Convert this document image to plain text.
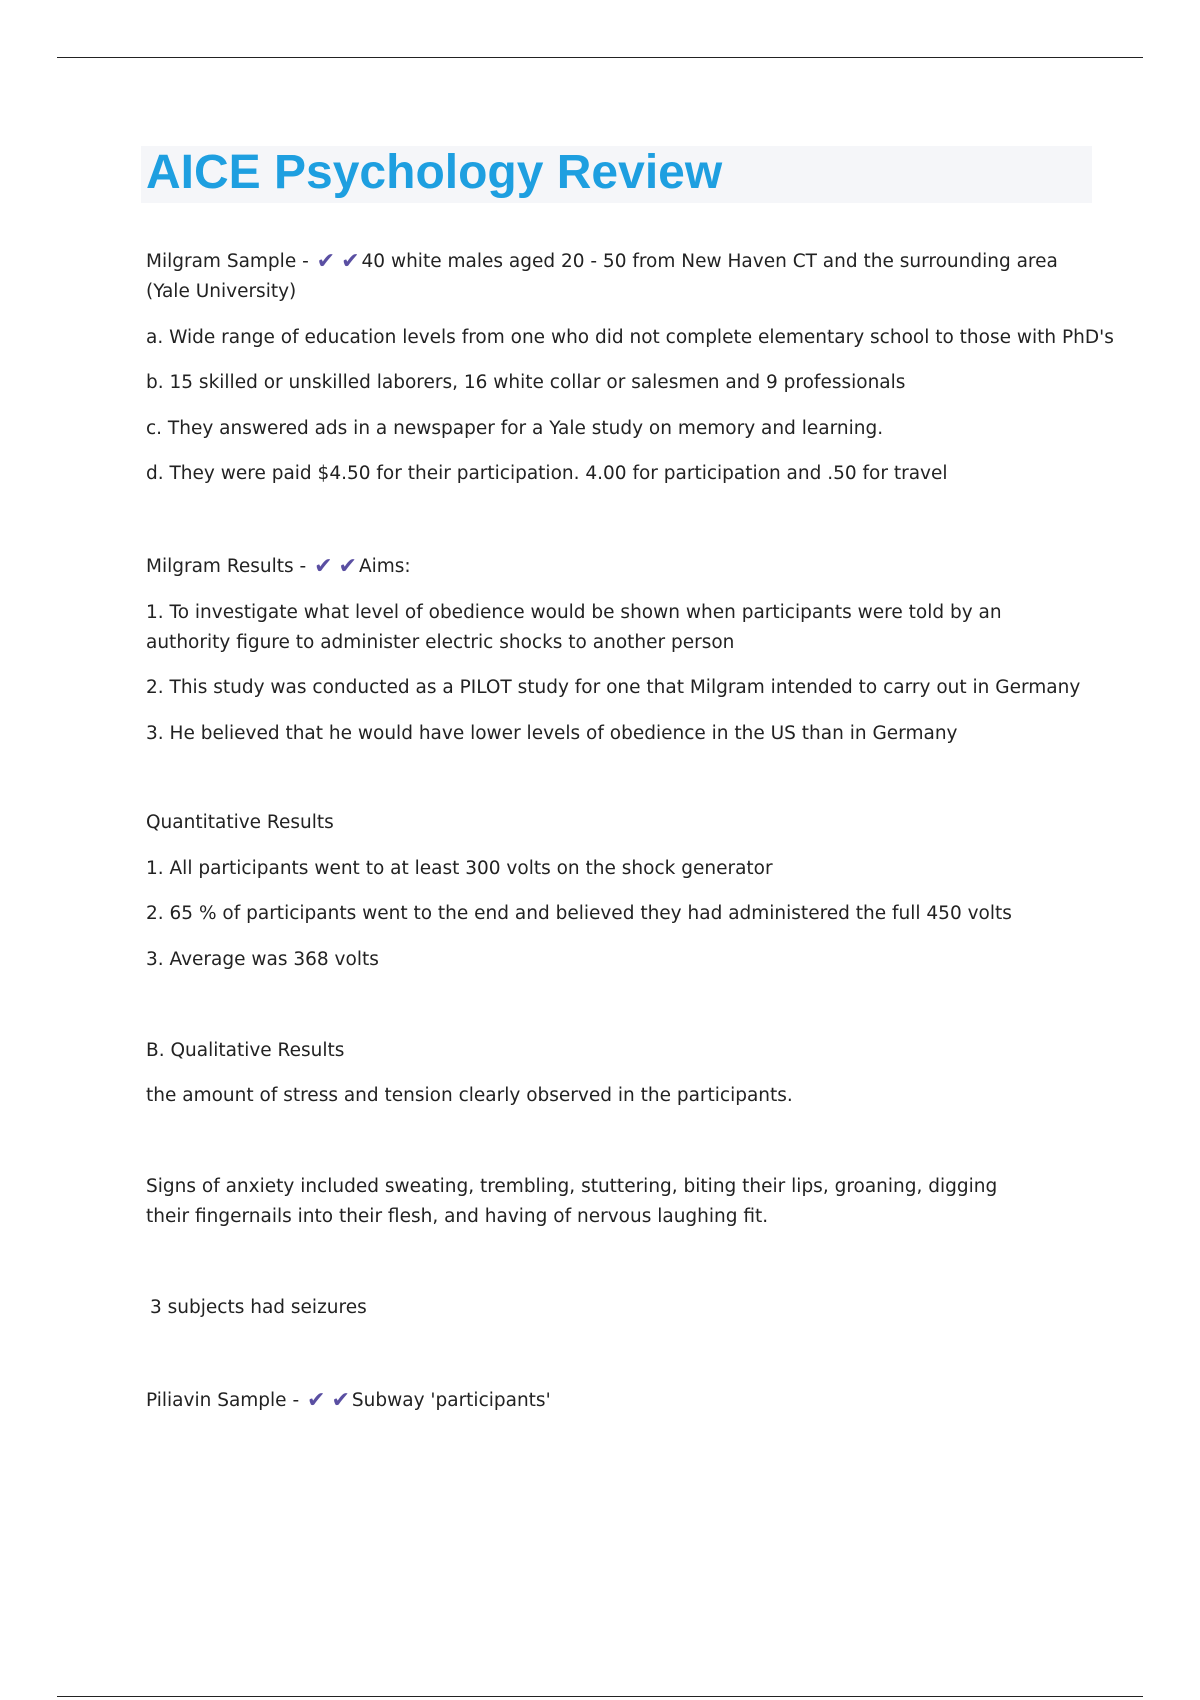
AICE Psychology Review

Milgram Sample - ✔ ✔ 40 white males aged 20 - 50 from New Haven CT and the surrounding area (Yale University)

a. Wide range of education levels from one who did not complete elementary school to those with PhD's

b. 15 skilled or unskilled laborers, 16 white collar or salesmen and 9 professionals

c. They answered ads in a newspaper for a Yale study on memory and learning.

d. They were paid $4.50 for their participation. 4.00 for participation and .50 for travel

Milgram Results - ✔ ✔ Aims:

1. To investigate what level of obedience would be shown when participants were told by an authority figure to administer electric shocks to another person

2. This study was conducted as a PILOT study for one that Milgram intended to carry out in Germany

3. He believed that he would have lower levels of obedience in the US than in Germany

Quantitative Results

1. All participants went to at least 300 volts on the shock generator

2. 65 % of participants went to the end and believed they had administered the full 450 volts

3. Average was 368 volts

B. Qualitative Results

the amount of stress and tension clearly observed in the participants.

Signs of anxiety included sweating, trembling, stuttering, biting their lips, groaning, digging their fingernails into their flesh, and having of nervous laughing fit.

3 subjects had seizures

Piliavin Sample - ✔ ✔ Subway 'participants'
